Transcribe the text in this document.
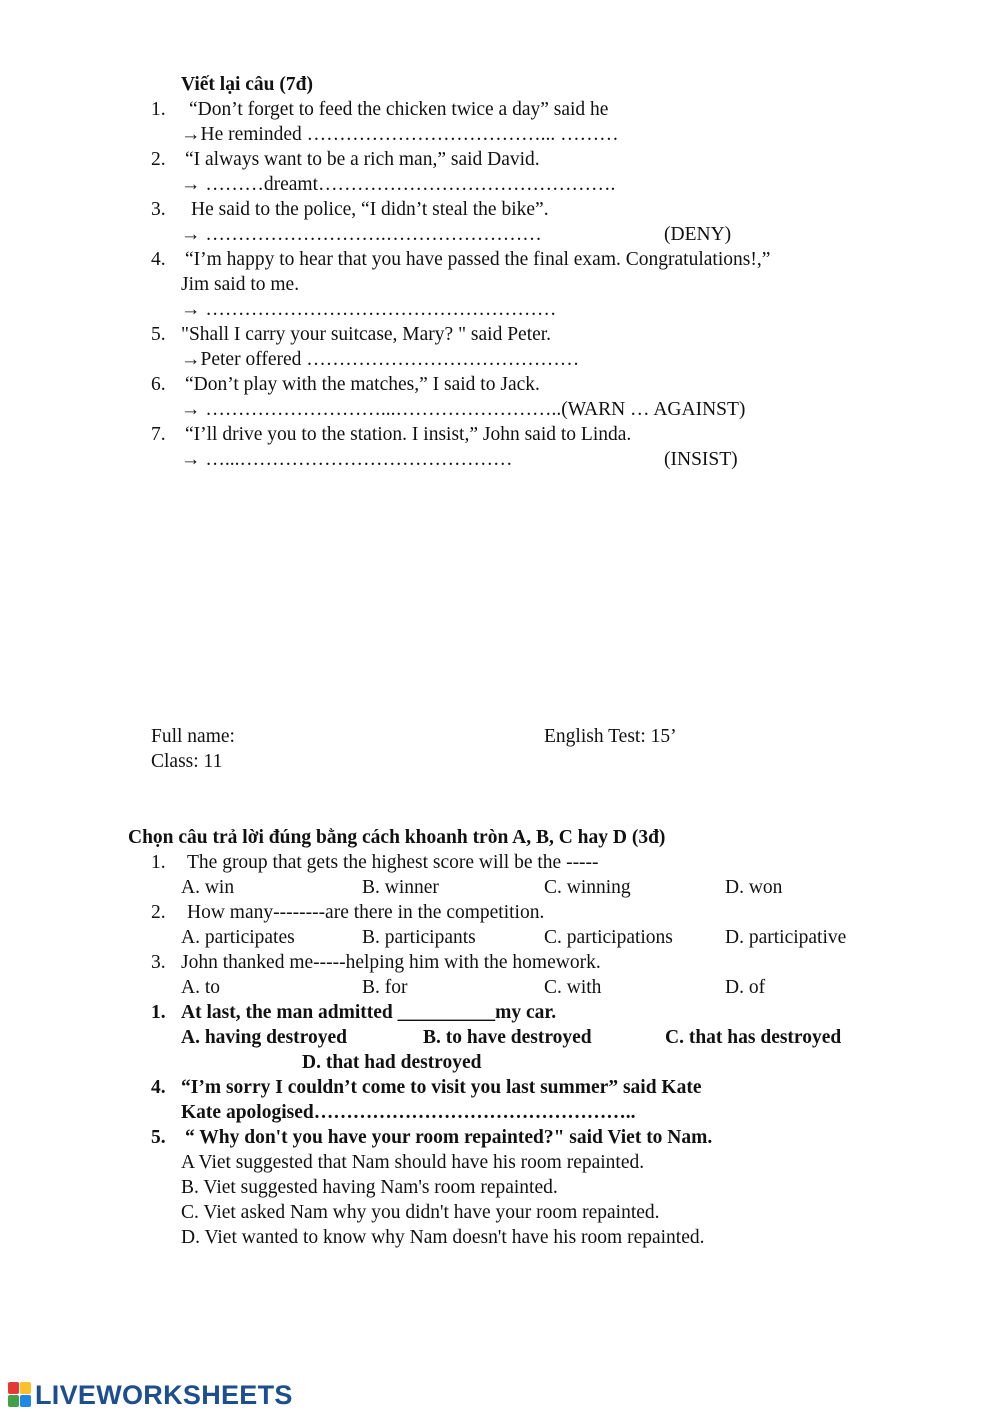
Viết lại câu (7đ)
1. “Don’t forget to feed the chicken twice a day” said he
→He reminded ………………………………... ………
2. “I always want to be a rich man,” said David.
→ ………dreamt……………………………………….
3. He said to the police, “I didn’t steal the bike”.
→ ……………………….……………………	(DENY)
4. “I’m happy to hear that you have passed the final exam. Congratulations!,”
Jim said to me.
→ ………………………………………………
5. "Shall I carry your suitcase, Mary? " said Peter.
→Peter offered ……………………………………
6. “Don’t play with the matches,” I said to Jack.
→ ………………………...……………………..(WARN … AGAINST)
7. “I’ll drive you to the station. I insist,” John said to Linda.
→ …...……………………………………	(INSIST)
Full name:	English Test: 15’
Class: 11
Chọn câu trả lời đúng bằng cách khoanh tròn A, B, C hay D (3đ)
1. The group that gets the highest score will be the -----
A. win	B. winner	C. winning	D. won
2. How many--------are there in the competition.
A. participates	B. participants	C. participations	D. participative
3. John thanked me-----helping him with the homework.
A. to	B. for	C. with	D. of
1. At last, the man admitted __________my car.
A. having destroyed	B. to have destroyed	C. that has destroyed
D. that had destroyed
4. “I’m sorry I couldn’t come to visit you last summer” said Kate
Kate apologised…………………………………………..
5. “ Why don't you have your room repainted?" said Viet to Nam.
A Viet suggested that Nam should have his room repainted.
B. Viet suggested having Nam's room repainted.
C. Viet asked Nam why you didn't have your room repainted.
D. Viet wanted to know why Nam doesn't have his room repainted.
LIVEWORKSHEETS
